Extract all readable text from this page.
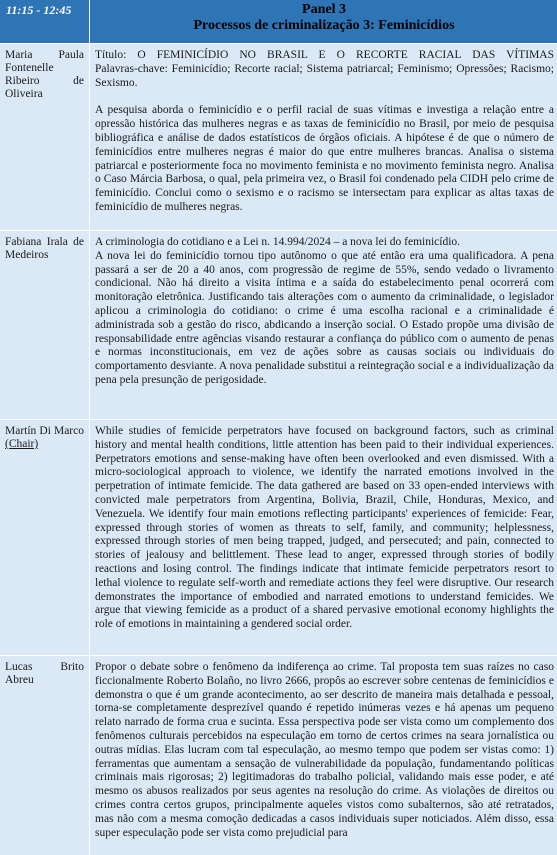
11:15 - 12:45	Panel 3
Processos de criminalização 3: Feminicídios
Maria Paula Fontenelle Ribeiro de Oliveira

Título: O FEMINICÍDIO NO BRASIL E O RECORTE RACIAL DAS VÍTIMAS

Palavras-chave: Feminicídio; Recorte racial; Sistema patriarcal; Feminismo; Opressões; Racismo; Sexismo.

A pesquisa aborda o feminicídio e o perfil racial de suas vítimas e investiga a relação entre a opressão histórica das mulheres negras e as taxas de feminicídio no Brasil, por meio de pesquisa bibliográfica e análise de dados estatísticos de órgãos oficiais. A hipótese é de que o número de feminicídios entre mulheres negras é maior do que entre mulheres brancas. Analisa o sistema patriarcal e posteriormente foca no movimento feminista e no movimento feminista negro. Analisa o Caso Márcia Barbosa, o qual, pela primeira vez, o Brasil foi condenado pela CIDH pelo crime de feminicídio. Conclui como o sexismo e o racismo se intersectam para explicar as altas taxas de feminicídio de mulheres negras.

Fabiana Irala de Medeiros

A criminologia do cotidiano e a Lei n. 14.994/2024 – a nova lei do feminicídio.

A nova lei do feminicídio tornou tipo autônomo o que até então era uma qualificadora. A pena passará a ser de 20 a 40 anos, com progressão de regime de 55%, sendo vedado o livramento condicional. Não há direito a visita íntima e a saída do estabelecimento penal ocorrerá com monitoração eletrônica. Justificando tais alterações com o aumento da criminalidade, o legislador aplicou a criminologia do cotidiano: o crime é uma escolha racional e a criminalidade é administrada sob a gestão do risco, abdicando a inserção social. O Estado propõe uma divisão de responsabilidade entre agências visando restaurar a confiança do público com o aumento de penas e normas inconstitucionais, em vez de ações sobre as causas sociais ou individuais do comportamento desviante. A nova penalidade substitui a reintegração social e a individualização da pena pela presunção de perigosidade.

Martín Di Marco
(Chair)

While studies of femicide perpetrators have focused on background factors, such as criminal history and mental health conditions, little attention has been paid to their individual experiences. Perpetrators emotions and sense-making have often been overlooked and even dismissed. With a micro-sociological approach to violence, we identify the narrated emotions involved in the perpetration of intimate femicide. The data gathered are based on 33 open-ended interviews with convicted male perpetrators from Argentina, Bolivia, Brazil, Chile, Honduras, Mexico, and Venezuela. We identify four main emotions reflecting participants' experiences of femicide: Fear, expressed through stories of women as threats to self, family, and community; helplessness, expressed through stories of men being trapped, judged, and persecuted; and pain, connected to stories of jealousy and belittlement. These lead to anger, expressed through stories of bodily reactions and losing control. The findings indicate that intimate femicide perpetrators resort to lethal violence to regulate self-worth and remediate actions they feel were disruptive. Our research demonstrates the importance of embodied and narrated emotions to understand femicides. We argue that viewing femicide as a product of a shared pervasive emotional economy highlights the role of emotions in maintaining a gendered social order.

Lucas Brito Abreu

Propor o debate sobre o fenômeno da indiferença ao crime. Tal proposta tem suas raízes no caso ficcionalmente Roberto Bolaño, no livro 2666, propôs ao escrever sobre centenas de feminicídios e demonstra o que é um grande acontecimento, ao ser descrito de maneira mais detalhada e pessoal, torna-se completamente desprezível quando é repetido inúmeras vezes e há apenas um pequeno relato narrado de forma crua e sucinta. Essa perspectiva pode ser vista como um complemento dos fenômenos culturais percebidos na especulação em torno de certos crimes na seara jornalística ou outras mídias. Elas lucram com tal especulação, ao mesmo tempo que podem ser vistas como: 1) ferramentas que aumentam a sensação de vulnerabilidade da população, fundamentando políticas criminais mais rigorosas; 2) legitimadoras do trabalho policial, validando mais esse poder, e até mesmo os abusos realizados por seus agentes na resolução do crime. As violações de direitos ou crimes contra certos grupos, principalmente aqueles vistos como subalternos, são até retratados, mas não com a mesma comoção dedicadas a casos individuais super noticiados. Além disso, essa super especulação pode ser vista como prejudicial para
